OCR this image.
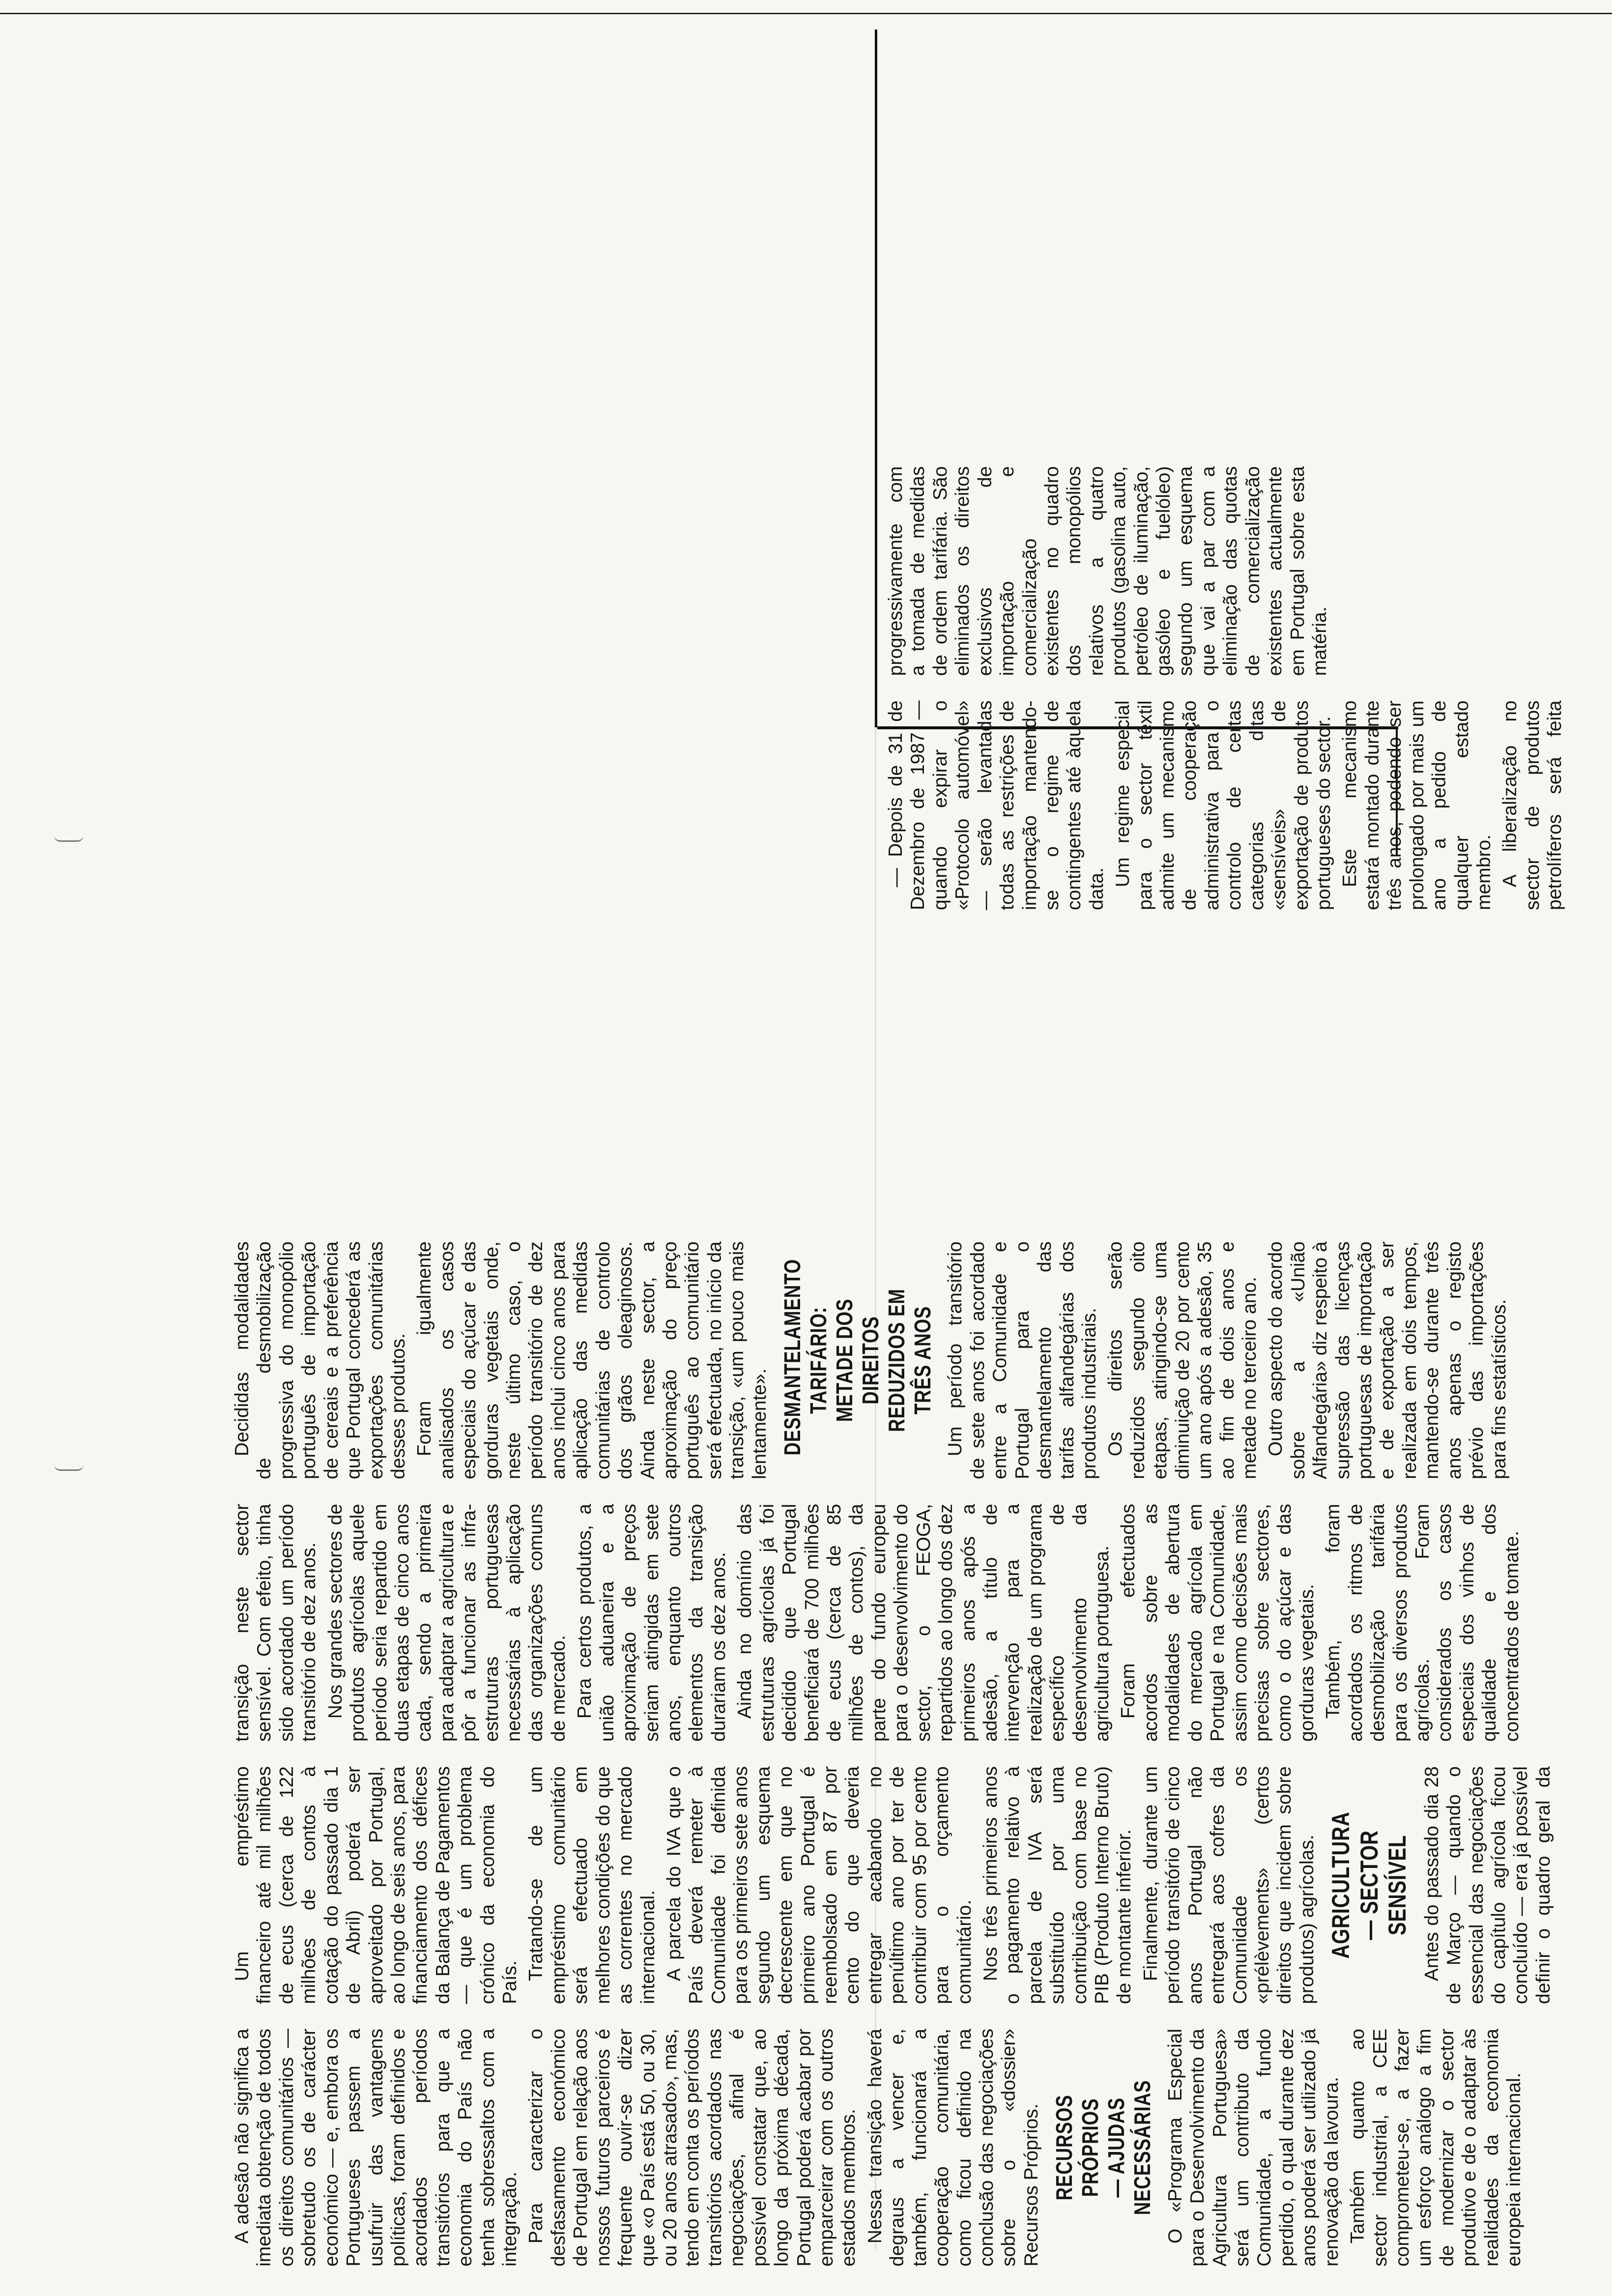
A adesão não significa a imediata obtenção de todos os direitos comunitários — sobretudo os de carácter económico — e, embora os Portugueses passem a usufruir das vantagens políticas, foram definidos e acordados períodos transitórios para que a economia do País não tenha sobressaltos com a integração. Para caracterizar o desfasamento económico de Portugal em relação aos nossos futuros parceiros é frequente ouvir-se dizer que «o País está 50, ou 30, ou 20 anos atrasado», mas, tendo em conta os períodos transitórios acordados nas negociações, afinal é possível constatar que, ao longo da próxima década, Portugal poderá acabar por emparceirar com os outros estados membros. Nessa transição haverá degraus a vencer e, também, funcionará a cooperação comunitária, como ficou definido na conclusão das negociações sobre o «dossier» Recursos Próprios. RECURSOS PRÓPRIOS — AJUDAS NECESSÁRIAS O «Programa Especial para o Desenvolvimento da Agricultura Portuguesa» será um contributo da Comunidade, a fundo perdido, o qual durante dez anos poderá ser utilizado já renovação da lavoura. Também quanto ao sector industrial, a CEE comprometeu-se, a fazer um esforço análogo a fim de modernizar o sector produtivo e de o adaptar às realidades da economia europeia internacional.

Um empréstimo financeiro até mil milhões de ecus (cerca de 122 milhões de contos à cotação do passado dia 1 de Abril) poderá ser aproveitado por Portugal, ao longo de seis anos, para financiamento dos défices da Balança de Pagamentos — que é um problema crónico da economia do País.

Tratando-se de um empréstimo comunitário será efectuado em melhores condições do que as correntes no mercado internacional. A parcela do IVA que o País deverá remeter à Comunidade foi definida para os primeiros sete anos segundo um esquema decrescente em que no primeiro ano Portugal é reembolsado em 87 por cento do que deveria entregar acabando no penúltimo ano por ter de contribuir com 95 por cento para o orçamento comunitário. Nos três primeiros anos o pagamento relativo à parcela de IVA será substituído por uma contribuição com base no PIB (Produto Interno Bruto) de montante inferior. Finalmente, durante um período transitório de cinco anos Portugal não entregará aos cofres da Comunidade os «prélèvements» (certos direitos que incidem sobre produtos) agrícolas. AGRICULTURA — SECTOR SENSÍVEL Antes do passado dia 28 de Março — quando o essencial das negociações do capítulo agrícola ficou concluído — era já possível definir o quadro geral da transição neste sector sensível. Com efeito, tinha sido acordado um período transitório de dez anos. Nos grandes sectores de produtos agrícolas aquele período seria repartido em duas etapas de cinco anos cada, sendo a primeira para adaptar a agricultura e pôr a funcionar as infra-estruturas portuguesas necessárias à aplicação das organizações comuns de mercado. Para certos produtos, a união aduaneira e a aproximação de preços seriam atingidas em sete anos, enquanto outros elementos da transição durariam os dez anos. Ainda no domínio das estruturas agrícolas já foi decidido que Portugal beneficiará de 700 milhões de ecus (cerca de 85 milhões de contos), da parte do fundo europeu para o desenvolvimento do sector, o FEOGA, repartidos ao longo dos dez primeiros anos após a adesão, a título de intervenção para a realização de um programa específico de desenvolvimento da agricultura portuguesa. Foram efectuados acordos sobre as modalidades de abertura do mercado agrícola em Portugal e na Comunidade, assim como decisões mais precisas sobre sectores, como o do açúcar e das gorduras vegetais. Também, foram acordados os ritmos de desmobilização tarifária para os diversos produtos agrícolas. Foram considerados os casos especiais dos vinhos de qualidade e dos concentrados de tomate.

Decididas modalidades de desmobilização progressiva do monopólio português de importação de cereais e a preferência que Portugal concederá as exportações comunitárias desses produtos. Foram igualmente analisados os casos especiais do açúcar e das gorduras vegetais onde, neste último caso, o período transitório de dez anos inclui cinco anos para aplicação das medidas comunitárias de controlo dos grãos oleaginosos. Ainda neste sector, a aproximação do preço português ao comunitário será efectuada, no início da transição, «um pouco mais lentamente». DESMANTELAMENTO TARIFÁRIO: METADE DOS DIREITOS REDUZIDOS EM TRÊS ANOS Um período transitório de sete anos foi acordado entre a Comunidade e Portugal para o desmantelamento das tarifas alfandegárias dos produtos industriais. Os direitos serão reduzidos segundo oito etapas, atingindo-se uma diminuição de 20 por cento um ano após a adesão, 35 ao fim de dois anos e metade no terceiro ano. Outro aspecto do acordo sobre a «União Alfandegária» diz respeito à supressão das licenças portuguesas de importação e de exportação a ser realizada em dois tempos, mantendo-se durante três anos apenas o registo prévio das importações para fins estatísticos.

— Depois de 31 de Dezembro de 1987 — quando expirar o «Protocolo automóvel» — serão levantadas todas as restrições de importação mantendo-se o regime de contingentes até àquela data.

Um regime especial para o sector têxtil admite um mecanismo de cooperação administrativa para o controlo de certas categorias ditas «sensíveis» de exportação de produtos portugueses do sector. Este mecanismo estará montado durante três anos, podendo ser prolongado por mais um ano a pedido de qualquer estado membro. A liberalização no sector de produtos petrolíferos será feita progressivamente com a tomada de medidas de ordem tarifária. São eliminados os direitos exclusivos de importação e comercialização existentes no quadro dos monopólios relativos a quatro produtos (gasolina auto, petróleo de iluminação, gasóleo e fuelóleo) segundo um esquema que vai a par com a eliminação das quotas de comercialização existentes actualmente em Portugal sobre esta matéria.
